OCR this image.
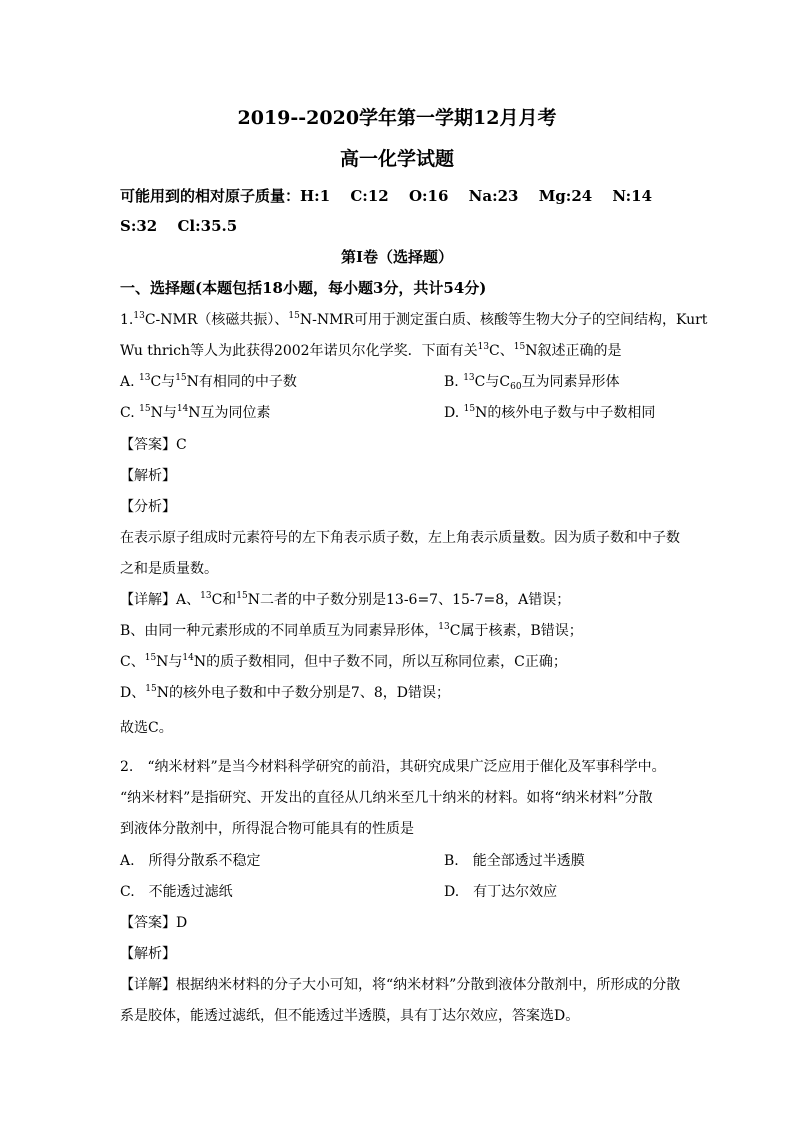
2019--2020学年第一学期12月月考
高一化学试题
可能用到的相对原子质量：H:1　 C:12　 O:16　 Na:23　 Mg:24　 N:14
S:32　 Cl:35.5
第I卷（选择题）
一、选择题(本题包括18小题，每小题3分，共计54分)
1.13C-NMR（核磁共振）、$^{15}$N-NMR可用于测定蛋白质、核酸等生物大分子的空间结构，Kurt
Wu thrich等人为此获得2002年诺贝尔化学奖．下面有关$^{13}$C、$^{15}$N叙述正确的是
A. $^{13}$C与$^{15}$N有相同的中子数	B. $^{13}$C与$C_{60}$互为同素异形体
C. $^{15}$N与$^{14}$N互为同位素	D. $^{15}$N的核外电子数与中子数相同
【答案】C
【解析】
【分析】
在表示原子组成时元素符号的左下角表示质子数，左上角表示质量数。因为质子数和中子数
之和是质量数。
【详解】A、$^{13}$C和$^{15}$N二者的中子数分别是13-6=7、15-7=8，A错误；
B、由同一种元素形成的不同单质互为同素异形体，$^{13}$C属于核素，B错误；
C、$^{15}$N与$^{14}$N的质子数相同，但中子数不同，所以互称同位素，C正确；
D、$^{15}$N的核外电子数和中子数分别是7、8，D错误；
故选C。
2.　“纳米材料”是当今材料科学研究的前沿，其研究成果广泛应用于催化及军事科学中。
“纳米材料”是指研究、开发出的直径从几纳米至几十纳米的材料。如将“纳米材料”分散
到液体分散剂中，所得混合物可能具有的性质是
A.　所得分散系不稳定	B.　能全部透过半透膜
C.　不能透过滤纸	D.　有丁达尔效应
【答案】D
【解析】
【详解】根据纳米材料的分子大小可知，将“纳米材料”分散到液体分散剂中，所形成的分散
系是胶体，能透过滤纸，但不能透过半透膜，具有丁达尔效应，答案选D。
